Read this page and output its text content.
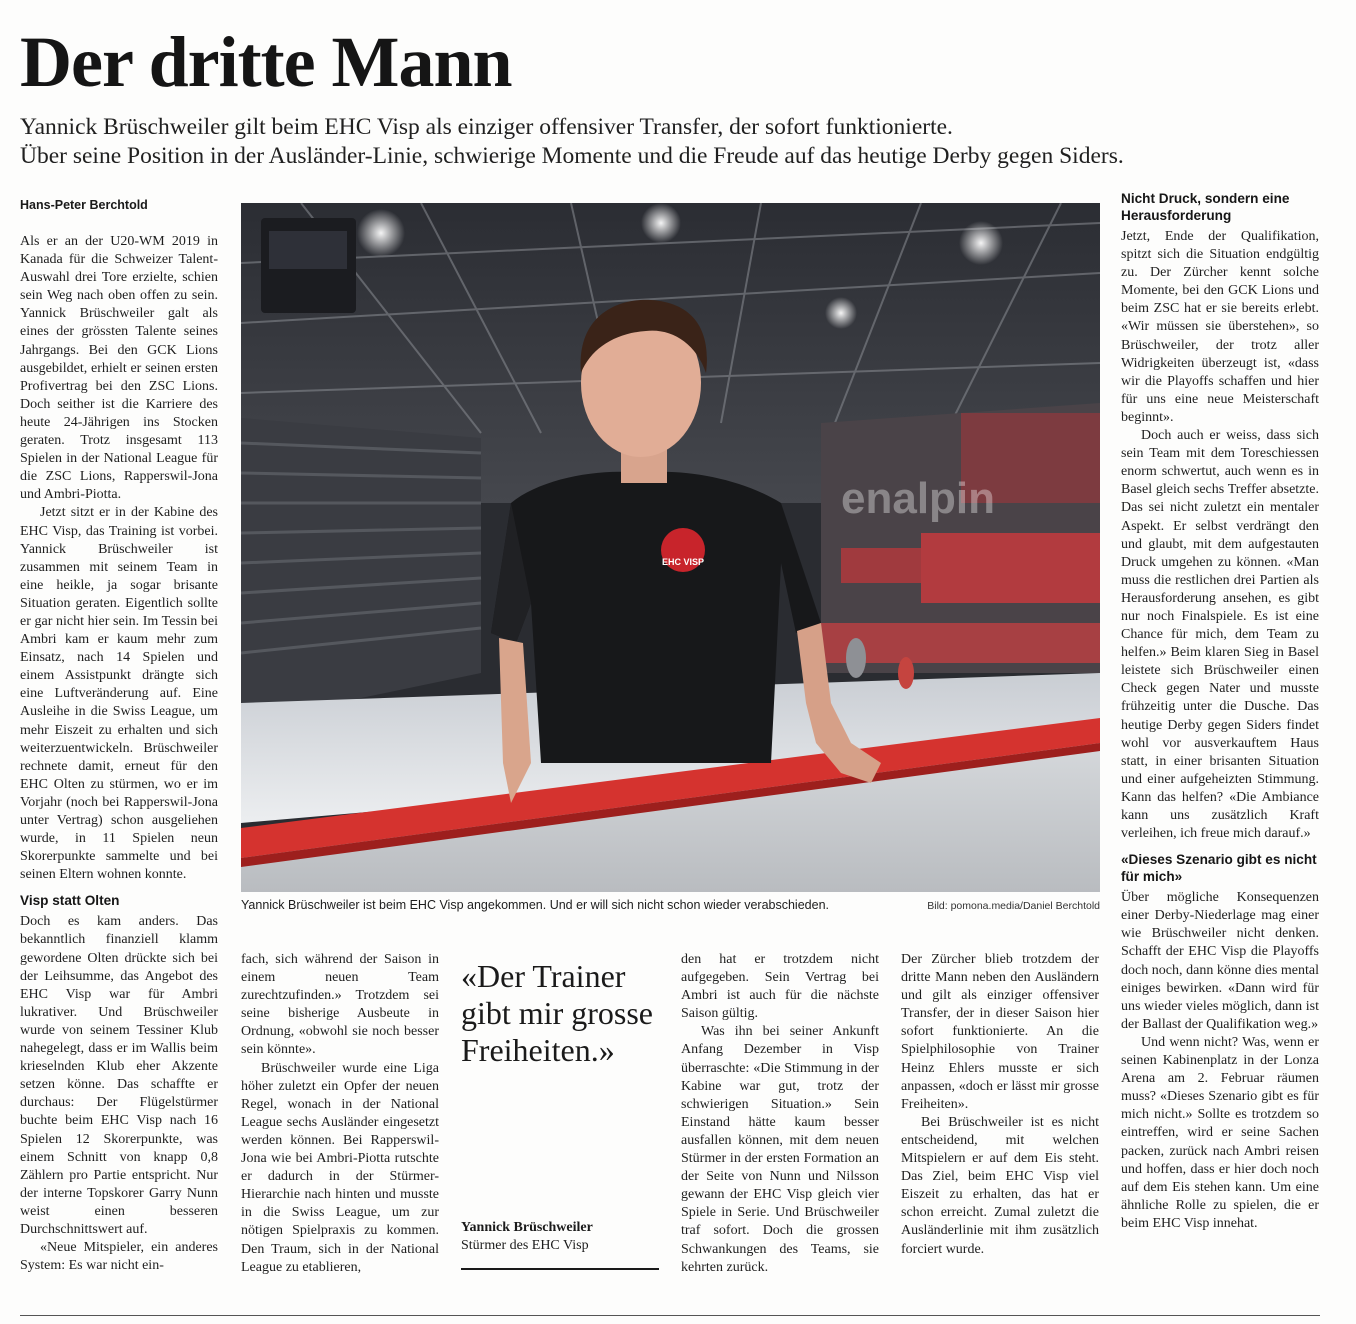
Der dritte Mann

Yannick Brüschweiler gilt beim EHC Visp als einziger offensiver Transfer, der sofort funktionierte.

Über seine Position in der Ausländer-Linie, schwierige Momente und die Freude auf das heutige Derby gegen Siders.

Hans-Peter Berchtold

Als er an der U20-WM 2019 in Kanada für die Schweizer Talent-Auswahl drei Tore erzielte, schien sein Weg nach oben offen zu sein. Yannick Brüschweiler galt als eines der grössten Talente seines Jahrgangs. Bei den GCK Lions ausgebildet, erhielt er seinen ersten Profivertrag bei den ZSC Lions. Doch seither ist die Karriere des heute 24-Jährigen ins Stocken geraten. Trotz insgesamt 113 Spielen in der National League für die ZSC Lions, Rapperswil-Jona und Ambri-Piotta.

Jetzt sitzt er in der Kabine des EHC Visp, das Training ist vorbei. Yannick Brüschweiler ist zusammen mit seinem Team in eine heikle, ja sogar brisante Situation geraten. Eigentlich sollte er gar nicht hier sein. Im Tessin bei Ambri kam er kaum mehr zum Einsatz, nach 14 Spielen und einem Assistpunkt drängte sich eine Luftveränderung auf. Eine Ausleihe in die Swiss League, um mehr Eiszeit zu erhalten und sich weiterzuentwickeln. Brüschweiler rechnete damit, erneut für den EHC Olten zu stürmen, wo er im Vorjahr (noch bei Rapperswil-Jona unter Vertrag) schon ausgeliehen wurde, in 11 Spielen neun Skorerpunkte sammelte und bei seinen Eltern wohnen konnte.

Visp statt Olten

Doch es kam anders. Das bekanntlich finanziell klamm gewordene Olten drückte sich bei der Leihsumme, das Angebot des EHC Visp war für Ambri lukrativer. Und Brüschweiler wurde von seinem Tessiner Klub nahegelegt, dass er im Wallis beim krieselnden Klub eher Akzente setzen könne. Das schaffte er durchaus: Der Flügelstürmer buchte beim EHC Visp nach 16 Spielen 12 Skorerpunkte, was einem Schnitt von knapp 0,8 Zählern pro Partie entspricht. Nur der interne Topskorer Garry Nunn weist einen besseren Durchschnittswert auf.

«Neue Mitspieler, ein anderes System: Es war nicht ein-

enalpin
EHC VISP
Yannick Brüschweiler ist beim EHC Visp angekommen. Und er will sich nicht schon wieder verabschieden.	Bild: pomona.media/Daniel Berchtold

fach, sich während der Saison in einem neuen Team zurechtzufinden.» Trotzdem sei seine bisherige Ausbeute in Ordnung, «obwohl sie noch besser sein könnte».

Brüschweiler wurde eine Liga höher zuletzt ein Opfer der neuen Regel, wonach in der National League sechs Ausländer eingesetzt werden können. Bei Rapperswil-Jona wie bei Ambri-Piotta rutschte er dadurch in der Stürmer-Hierarchie nach hinten und musste in die Swiss League, um zur nötigen Spielpraxis zu kommen. Den Traum, sich in der National League zu etablieren,

«Der Trainer gibt mir grosse Freiheiten.»
Yannick Brüschweiler
Stürmer des EHC Visp

den hat er trotzdem nicht aufgegeben. Sein Vertrag bei Ambri ist auch für die nächste Saison gültig.

Was ihn bei seiner Ankunft Anfang Dezember in Visp überraschte: «Die Stimmung in der Kabine war gut, trotz der schwierigen Situation.» Sein Einstand hätte kaum besser ausfallen können, mit dem neuen Stürmer in der ersten Formation an der Seite von Nunn und Nilsson gewann der EHC Visp gleich vier Spiele in Serie. Und Brüschweiler traf sofort. Doch die grossen Schwankungen des Teams, sie kehrten zurück.

Der Zürcher blieb trotzdem der dritte Mann neben den Ausländern und gilt als einziger offensiver Transfer, der in dieser Saison hier sofort funktionierte. An die Spielphilosophie von Trainer Heinz Ehlers musste er sich anpassen, «doch er lässt mir grosse Freiheiten».

Bei Brüschweiler ist es nicht entscheidend, mit welchen Mitspielern er auf dem Eis steht. Das Ziel, beim EHC Visp viel Eiszeit zu erhalten, das hat er schon erreicht. Zumal zuletzt die Ausländerlinie mit ihm zusätzlich forciert wurde.

Nicht Druck, sondern eine Herausforderung

Jetzt, Ende der Qualifikation, spitzt sich die Situation endgültig zu. Der Zürcher kennt solche Momente, bei den GCK Lions und beim ZSC hat er sie bereits erlebt. «Wir müssen sie überstehen», so Brüschweiler, der trotz aller Widrigkeiten überzeugt ist, «dass wir die Playoffs schaffen und hier für uns eine neue Meisterschaft beginnt».

Doch auch er weiss, dass sich sein Team mit dem Toreschiessen enorm schwertut, auch wenn es in Basel gleich sechs Treffer absetzte. Das sei nicht zuletzt ein mentaler Aspekt. Er selbst verdrängt den und glaubt, mit dem aufgestauten Druck umgehen zu können. «Man muss die restlichen drei Partien als Herausforderung ansehen, es gibt nur noch Finalspiele. Es ist eine Chance für mich, dem Team zu helfen.» Beim klaren Sieg in Basel leistete sich Brüschweiler einen Check gegen Nater und musste frühzeitig unter die Dusche. Das heutige Derby gegen Siders findet wohl vor ausverkauftem Haus statt, in einer brisanten Situation und einer aufgeheizten Stimmung. Kann das helfen? «Die Ambiance kann uns zusätzlich Kraft verleihen, ich freue mich darauf.»

«Dieses Szenario gibt es nicht für mich»

Über mögliche Konsequenzen einer Derby-Niederlage mag einer wie Brüschweiler nicht denken. Schafft der EHC Visp die Playoffs doch noch, dann könne dies mental einiges bewirken. «Dann wird für uns wieder vieles möglich, dann ist der Ballast der Qualifikation weg.»

Und wenn nicht? Was, wenn er seinen Kabinenplatz in der Lonza Arena am 2. Februar räumen muss? «Dieses Szenario gibt es für mich nicht.» Sollte es trotzdem so eintreffen, wird er seine Sachen packen, zurück nach Ambri reisen und hoffen, dass er hier doch noch auf dem Eis stehen kann. Um eine ähnliche Rolle zu spielen, die er beim EHC Visp innehat.
